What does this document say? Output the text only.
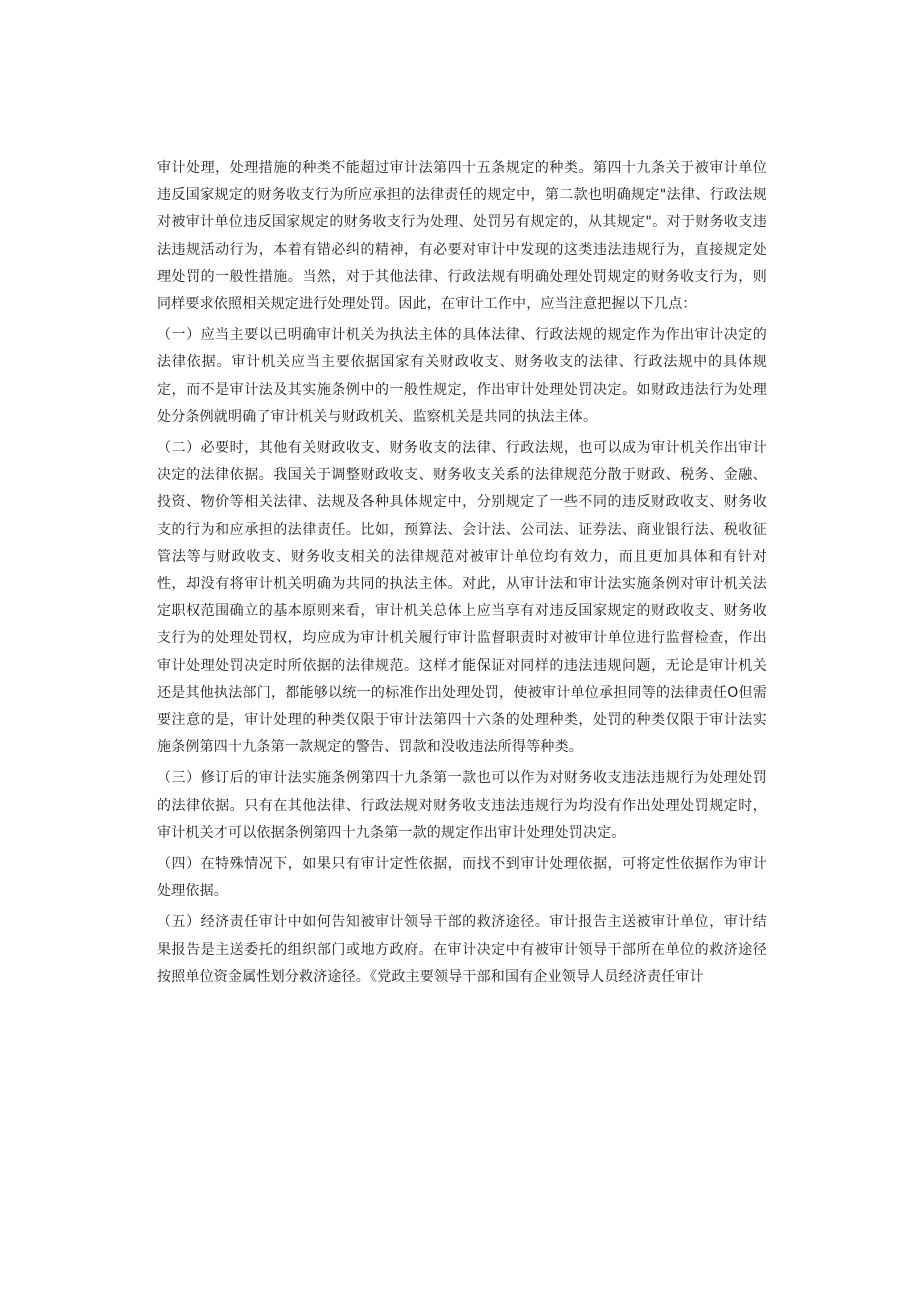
审计处理，处理措施的种类不能超过审计法第四十五条规定的种类。第四十九条关于被审计单位违反国家规定的财务收支行为所应承担的法律责任的规定中，第二款也明确规定"法律、行政法规对被审计单位违反国家规定的财务收支行为处理、处罚另有规定的，从其规定"。对于财务收支违法违规活动行为，本着有错必纠的精神，有必要对审计中发现的这类违法违规行为，直接规定处理处罚的一般性措施。当然，对于其他法律、行政法规有明确处理处罚规定的财务收支行为，则同样要求依照相关规定进行处理处罚。因此，在审计工作中，应当注意把握以下几点：

（一）应当主要以已明确审计机关为执法主体的具体法律、行政法规的规定作为作出审计决定的法律依据。审计机关应当主要依据国家有关财政收支、财务收支的法律、行政法规中的具体规定，而不是审计法及其实施条例中的一般性规定，作出审计处理处罚决定。如财政违法行为处理处分条例就明确了审计机关与财政机关、监察机关是共同的执法主体。

（二）必要时，其他有关财政收支、财务收支的法律、行政法规，也可以成为审计机关作出审计决定的法律依据。我国关于调整财政收支、财务收支关系的法律规范分散于财政、税务、金融、投资、物价等相关法律、法规及各种具体规定中，分别规定了一些不同的违反财政收支、财务收支的行为和应承担的法律责任。比如，预算法、会计法、公司法、证券法、商业银行法、税收征管法等与财政收支、财务收支相关的法律规范对被审计单位均有效力，而且更加具体和有针对性，却没有将审计机关明确为共同的执法主体。对此，从审计法和审计法实施条例对审计机关法定职权范围确立的基本原则来看，审计机关总体上应当享有对违反国家规定的财政收支、财务收支行为的处理处罚权，均应成为审计机关履行审计监督职责时对被审计单位进行监督检查，作出审计处理处罚决定时所依据的法律规范。这样才能保证对同样的违法违规问题，无论是审计机关还是其他执法部门，都能够以统一的标准作出处理处罚，使被审计单位承担同等的法律责任O但需要注意的是，审计处理的种类仅限于审计法第四十六条的处理种类，处罚的种类仅限于审计法实施条例第四十九条第一款规定的警告、罚款和没收违法所得等种类。

（三）修订后的审计法实施条例第四十九条第一款也可以作为对财务收支违法违规行为处理处罚的法律依据。只有在其他法律、行政法规对财务收支违法违规行为均没有作出处理处罚规定时，审计机关才可以依据条例第四十九条第一款的规定作出审计处理处罚决定。

（四）在特殊情况下，如果只有审计定性依据，而找不到审计处理依据，可将定性依据作为审计处理依据。

（五）经济责任审计中如何告知被审计领导干部的救济途径。审计报告主送被审计单位，审计结果报告是主送委托的组织部门或地方政府。在审计决定中有被审计领导干部所在单位的救济途径按照单位资金属性划分救济途径。《党政主要领导干部和国有企业领导人员经济责任审计
